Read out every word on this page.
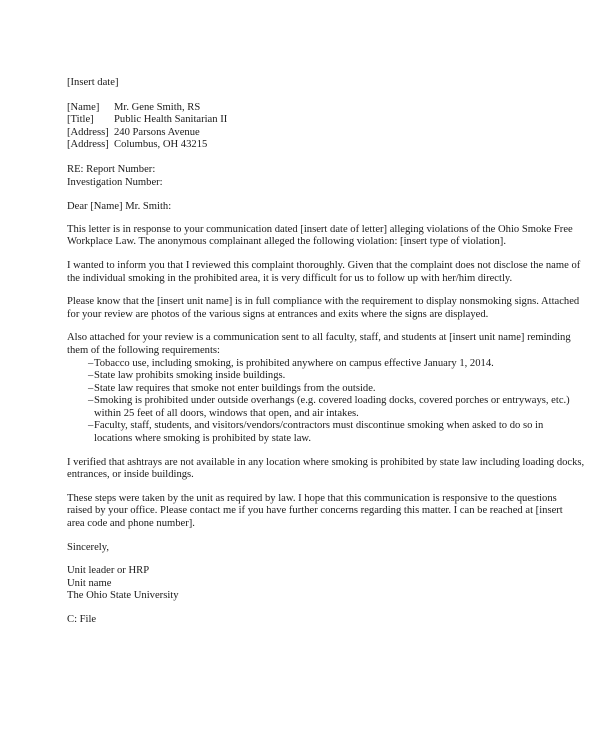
[Insert date]

[Name]	Mr. Gene Smith, RS
[Title]	Public Health Sanitarian II
[Address] 240 Parsons Avenue
[Address] Columbus, OH 43215
RE: Report Number:
Investigation Number:

Dear [Name] Mr. Smith:

This letter is in response to your communication dated [insert date of letter] alleging violations of the Ohio Smoke Free
Workplace Law. The anonymous complainant alleged the following violation: [insert type of violation].

I wanted to inform you that I reviewed this complaint thoroughly. Given that the complaint does not disclose the name of
the individual smoking in the prohibited area, it is very difficult for us to follow up with her/him directly.

Please know that the [insert unit name] is in full compliance with the requirement to display nonsmoking signs. Attached
for your review are photos of the various signs at entrances and exits where the signs are displayed.

Also attached for your review is a communication sent to all faculty, staff, and students at [insert unit name] reminding
them of the following requirements:

– Tobacco use, including smoking, is prohibited anywhere on campus effective January 1, 2014.
– State law prohibits smoking inside buildings.
– State law requires that smoke not enter buildings from the outside.
– Smoking is prohibited under outside overhangs (e.g. covered loading docks, covered porches or entryways, etc.)
within 25 feet of all doors, windows that open, and air intakes.
– Faculty, staff, students, and visitors/vendors/contractors must discontinue smoking when asked to do so in
locations where smoking is prohibited by state law.

I verified that ashtrays are not available in any location where smoking is prohibited by state law including loading docks,
entrances, or inside buildings.

These steps were taken by the unit as required by law. I hope that this communication is responsive to the questions
raised by your office. Please contact me if you have further concerns regarding this matter. I can be reached at [insert
area code and phone number].

Sincerely,

Unit leader or HRP
Unit name
The Ohio State University

C: File
